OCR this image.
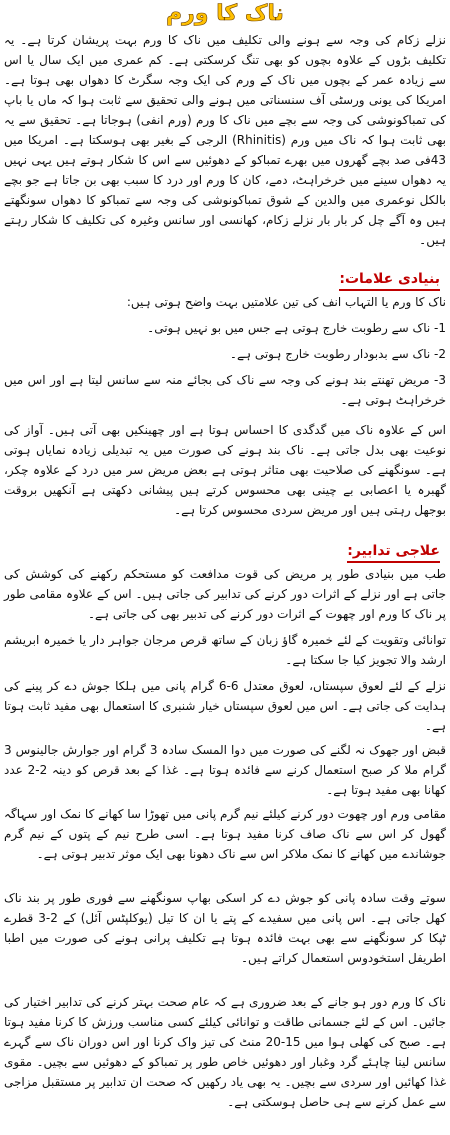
ناک کا ورم

نزلے زکام کی وجہ سے ہونے والی تکلیف میں ناک کا ورم بہت پریشان کرتا ہے۔ یہ تکلیف بڑوں کے علاوہ بچوں کو بھی تنگ کرسکتی ہے۔ کم عمری میں ایک سال یا اس سے زیادہ عمر کے بچوں میں ناک کے ورم کی ایک وجہ سگرٹ کا دھواں بھی ہوتا ہے۔ امریکا کی یونی ورسٹی آف سنسناتی میں ہونے والی تحقیق سے ثابت ہوا کہ ماں یا باپ کی تمباکونوشی کی وجہ سے بچے میں ناک کا ورم (ورم انفی) ہوجاتا ہے۔ تحقیق سے یہ بھی ثابت ہوا کہ ناک میں ورم (Rhinitis) الرجی کے بغیر بھی ہوسکتا ہے۔ امریکا میں 43فی صد بچے گھروں میں بھرے تمباکو کے دھوئیں سے اس کا شکار ہوتے ہیں یہی نہیں یہ دھواں سینے میں خرخراہٹ، دمے، کان کا ورم اور درد کا سبب بھی بن جاتا ہے جو بچے بالکل نوعمری میں والدین کے شوق تمباکونوشی کی وجہ سے تمباکو کا دھواں سونگھتے ہیں وہ آگے چل کر بار بار نزلے زکام، کھانسی اور سانس وغیرہ کی تکلیف کا شکار رہتے ہیں۔

بنیادی علامات:

ناک کا ورم یا التہاب انف کی تین علامتیں بہت واضح ہوتی ہیں:

1- ناک سے رطوبت خارج ہوتی ہے جس میں بو نہیں ہوتی۔

2- ناک سے بدبودار رطوبت خارج ہوتی ہے۔

3- مریض تھنتے بند ہونے کی وجہ سے ناک کی بجائے منہ سے سانس لیتا ہے اور اس میں خرخراہٹ ہوتی ہے۔

اس کے علاوہ ناک میں گدگدی کا احساس ہوتا ہے اور چھینکیں بھی آتی ہیں۔ آواز کی نوعیت بھی بدل جاتی ہے۔ ناک بند ہونے کی صورت میں یہ تبدیلی زیادہ نمایاں ہوتی ہے۔ سونگھنے کی صلاحیت بھی متاثر ہوتی ہے بعض مریض سر میں درد کے علاوہ چکر، گھبرہ یا اعصابی بے چینی بھی محسوس کرتے ہیں پیشانی دکھتی ہے آنکھیں بروقت بوجھل رہتی ہیں اور مریض سردی محسوس کرتا ہے۔

علاجی تدابیر:

طب میں بنیادی طور پر مریض کی قوت مدافعت کو مستحکم رکھنے کی کوشش کی جاتی ہے اور نزلے کے اثرات دور کرنے کی تدابیر کی جاتی ہیں۔ اس کے علاوہ مقامی طور پر ناک کا ورم اور چھوت کے اثرات دور کرنے کی تدبیر بھی کی جاتی ہے۔

توانائی وتقویت کے لئے خمیرہ گاؤ زبان کے ساتھ قرص مرجان جواہر دار یا خمیرہ ابریشم ارشد والا تجویز کیا جا سکتا ہے۔

نزلے کے لئے لعوق سپستاں، لعوق معتدل 6-6 گرام پانی میں ہلکا جوش دے کر پینے کی ہدایت کی جاتی ہے۔ اس میں لعوق سپستاں خیار شنبری کا استعمال بھی مفید ثابت ہوتا ہے۔

قبض اور جھوک نہ لگنے کی صورت میں دوا المسک سادہ 3 گرام اور جوارش جالینوس 3 گرام ملا کر صبح استعمال کرنے سے فائدہ ہوتا ہے۔ غذا کے بعد قرص کو دینہ 2-2 عدد کھانا بھی مفید ہوتا ہے۔

مقامی ورم اور چھوت دور کرنے کیلئے نیم گرم پانی میں تھوڑا سا کھانے کا نمک اور سہاگہ گھول کر اس سے ناک صاف کرنا مفید ہوتا ہے۔ اسی طرح نیم کے پتوں کے نیم گرم جوشاندے میں کھانے کا نمک ملاکر اس سے ناک دھونا بھی ایک موثر تدبیر ہوتی ہے۔

سوتے وقت سادہ پانی کو جوش دے کر اسکی بھاپ سونگھنے سے فوری طور پر بند ناک کھل جاتی ہے۔ اس پانی میں سفیدے کے پتے یا ان کا تیل (یوکلپٹس آئل) کے 2-3 قطرے ٹپکا کر سونگھنے سے بھی بہت فائدہ ہوتا ہے تکلیف پرانی ہونے کی صورت میں اطبا اطریفل استخودوس استعمال کراتے ہیں۔

ناک کا ورم دور ہو جانے کے بعد ضروری ہے کہ عام صحت بہتر کرنے کی تدابیر اختیار کی جائیں۔ اس کے لئے جسمانی طاقت و توانائی کیلئے کسی مناسب ورزش کا کرنا مفید ہوتا ہے۔ صبح کی کھلی ہوا میں 15-20 منٹ کی تیز واک کرنا اور اس دوران ناک سے گہرے سانس لینا چاہئے گرد وغبار اور دھوئیں خاص طور پر تمباکو کے دھوئیں سے بچیں۔ مقوی غذا کھائیں اور سردی سے بچیں۔ یہ بھی یاد رکھیں کہ صحت ان تدابیر پر مستقبل مزاجی سے عمل کرنے سے ہی حاصل ہوسکتی ہے۔
